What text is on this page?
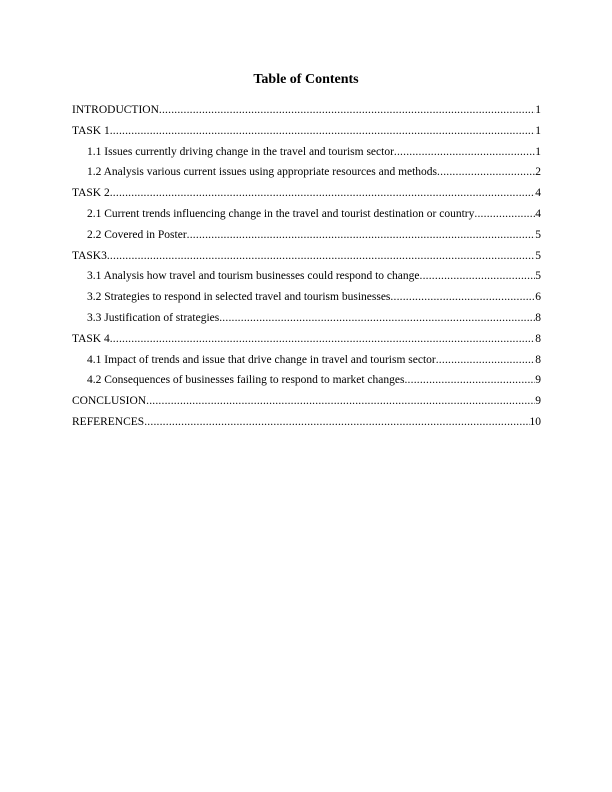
Table of Contents
INTRODUCTION .....	1
TASK 1 .....	1
1.1 Issues currently driving change in the travel and tourism sector .....	1
1.2 Analysis various current issues using appropriate resources and methods .....	2
TASK 2 .....	4
2.1 Current trends influencing change in the travel and tourist destination or country .....	4
2.2 Covered in Poster .....	5
TASK3 .....	5
3.1 Analysis how travel and tourism businesses could respond to change .....	5
3.2 Strategies to respond in selected travel and tourism businesses .....	6
3.3 Justification of strategies .....	8
TASK 4 .....	8
4.1 Impact of trends and issue that drive change in travel and tourism sector .....	8
4.2 Consequences of businesses failing to respond to market changes .....	9
CONCLUSION .....	9
REFERENCES .....	10
